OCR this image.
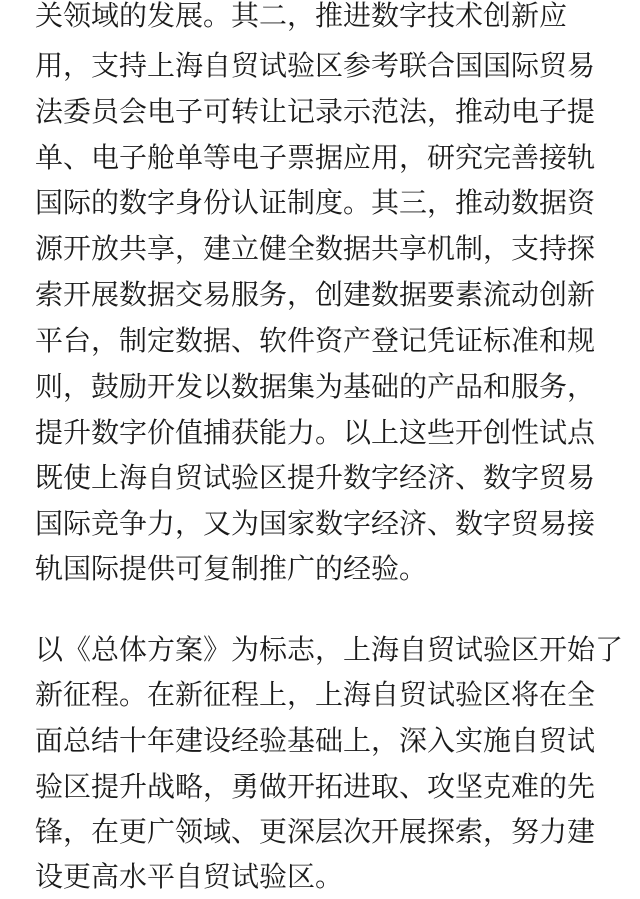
关领域的发展。其二，推进数字技术创新应
用，支持上海自贸试验区参考联合国国际贸易
法委员会电子可转让记录示范法，推动电子提
单、电子舱单等电子票据应用，研究完善接轨
国际的数字身份认证制度。其三，推动数据资
源开放共享，建立健全数据共享机制，支持探
索开展数据交易服务，创建数据要素流动创新
平台，制定数据、软件资产登记凭证标准和规
则，鼓励开发以数据集为基础的产品和服务，
提升数字价值捕获能力。以上这些开创性试点
既使上海自贸试验区提升数字经济、数字贸易
国际竞争力，又为国家数字经济、数字贸易接
轨国际提供可复制推广的经验。
以《总体方案》为标志，上海自贸试验区开始了
新征程。在新征程上，上海自贸试验区将在全
面总结十年建设经验基础上，深入实施自贸试
验区提升战略，勇做开拓进取、攻坚克难的先
锋，在更广领域、更深层次开展探索，努力建
设更高水平自贸试验区。
